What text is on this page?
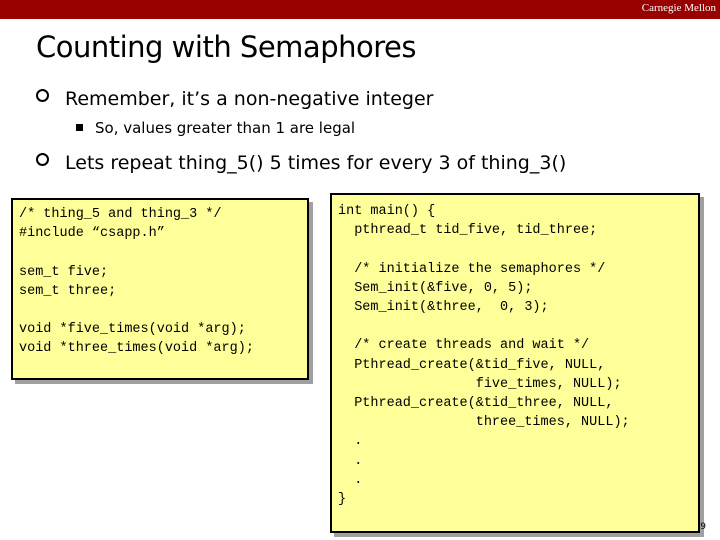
Carnegie Mellon
Counting with Semaphores
Remember, it’s a non-negative integer
So, values greater than 1 are legal
Lets repeat thing_5() 5 times for every 3 of thing_3()
/* thing_5 and thing_3 */
#include “csapp.h”

sem_t five;
sem_t three;

void *five_times(void *arg);
void *three_times(void *arg);
int main() {
pthread_t tid_five, tid_three;

/* initialize the semaphores */
Sem_init(&five, 0, 5);
Sem_init(&three,  0, 3);

/* create threads and wait */
Pthread_create(&tid_five, NULL,
five_times, NULL);
Pthread_create(&tid_three, NULL,
three_times, NULL);
.
.
.
}
9
